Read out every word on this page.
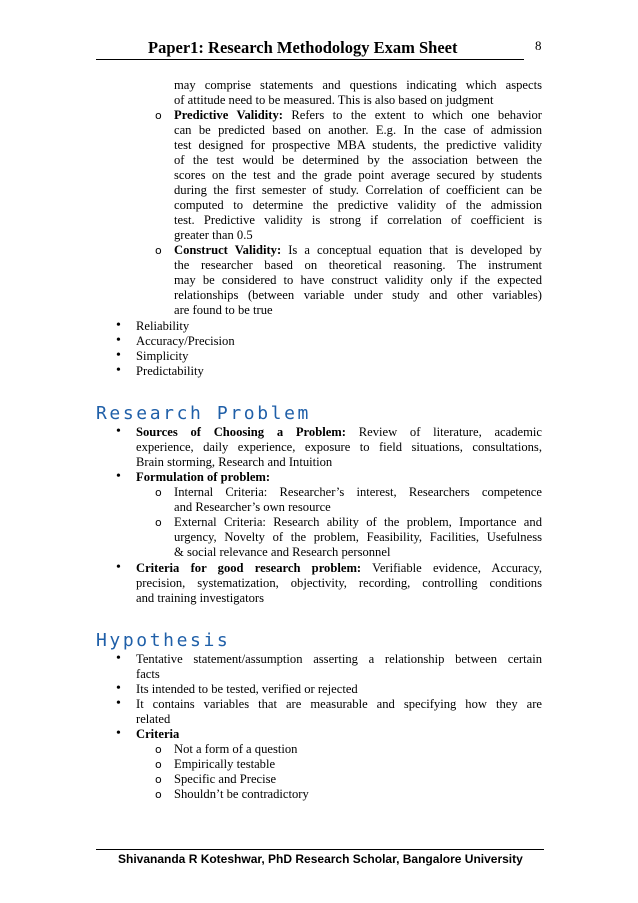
Paper1: Research Methodology Exam Sheet	8
may comprise statements and questions indicating which aspects
of attitude need to be measured. This is also based on judgment
o Predictive Validity: Refers to the extent to which one behavior
can be predicted based on another. E.g. In the case of admission
test designed for prospective MBA students, the predictive validity
of the test would be determined by the association between the
scores on the test and the grade point average secured by students
during the first semester of study. Correlation of coefficient can be
computed to determine the predictive validity of the admission
test. Predictive validity is strong if correlation of coefficient is
greater than 0.5
o Construct Validity: Is a conceptual equation that is developed by
the researcher based on theoretical reasoning. The instrument
may be considered to have construct validity only if the expected
relationships (between variable under study and other variables)
are found to be true
• Reliability
• Accuracy/Precision
• Simplicity
• Predictability
Research Problem
• Sources of Choosing a Problem: Review of literature, academic
experience, daily experience, exposure to field situations, consultations,
Brain storming, Research and Intuition
• Formulation of problem:
o Internal Criteria: Researcher’s interest, Researchers competence
and Researcher’s own resource
o External Criteria: Research ability of the problem, Importance and
urgency, Novelty of the problem, Feasibility, Facilities, Usefulness
& social relevance and Research personnel
• Criteria for good research problem: Verifiable evidence, Accuracy,
precision, systematization, objectivity, recording, controlling conditions
and training investigators
Hypothesis
• Tentative statement/assumption asserting a relationship between certain
facts
• Its intended to be tested, verified or rejected
• It contains variables that are measurable and specifying how they are
related
• Criteria
o Not a form of a question
o Empirically testable
o Specific and Precise
o Shouldn’t be contradictory
Shivananda R Koteshwar, PhD Research Scholar, Bangalore University
